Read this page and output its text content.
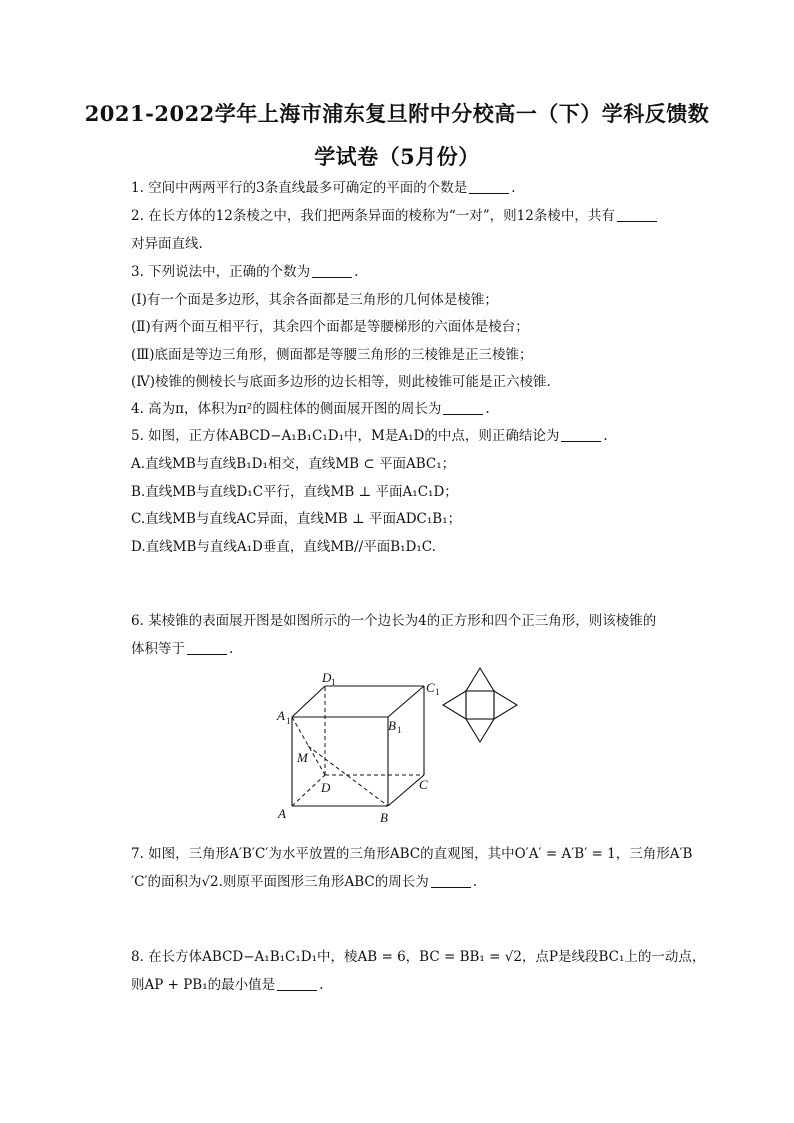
2021-2022学年上海市浦东复旦附中分校高一（下）学科反馈数
学试卷（5月份）
1. 空间中两两平行的3条直线最多可确定的平面的个数是	.
2. 在长方体的12条棱之中，我们把两条异面的棱称为“一对”，则12条棱中，共有
对异面直线.
3. 下列说法中，正确的个数为	.
(Ⅰ)有一个面是多边形，其余各面都是三角形的几何体是棱锥；
(Ⅱ)有两个面互相平行，其余四个面都是等腰梯形的六面体是棱台；
(Ⅲ)底面是等边三角形，侧面都是等腰三角形的三棱锥是正三棱锥；
(Ⅳ)棱锥的侧棱长与底面多边形的边长相等，则此棱锥可能是正六棱锥.
4. 高为π，体积为π²的圆柱体的侧面展开图的周长为	.
5. 如图，正方体ABCD−A₁B₁C₁D₁中，M是A₁D的中点，则正确结论为	.
A.直线MB与直线B₁D₁相交，直线MB ⊂ 平面ABC₁；
B.直线MB与直线D₁C平行，直线MB ⊥ 平面A₁C₁D；
C.直线MB与直线AC异面，直线MB ⊥ 平面ADC₁B₁；
D.直线MB与直线A₁D垂直，直线MB//平面B₁D₁C.
6. 某棱锥的表面展开图是如图所示的一个边长为4的正方形和四个正三角形，则该棱锥的
体积等于	.
A	B
C
D
M
A 1	B 1
C 1
D 1
7. 如图，三角形A′B′C′为水平放置的三角形ABC的直观图，其中O′A′ = A′B′ = 1，三角形A′B
′C′的面积为√2.则原平面图形三角形ABC的周长为	.
8. 在长方体ABCD−A₁B₁C₁D₁中，棱AB = 6，BC = BB₁ = √2，点P是线段BC₁上的一动点，
则AP + PB₁的最小值是	.
